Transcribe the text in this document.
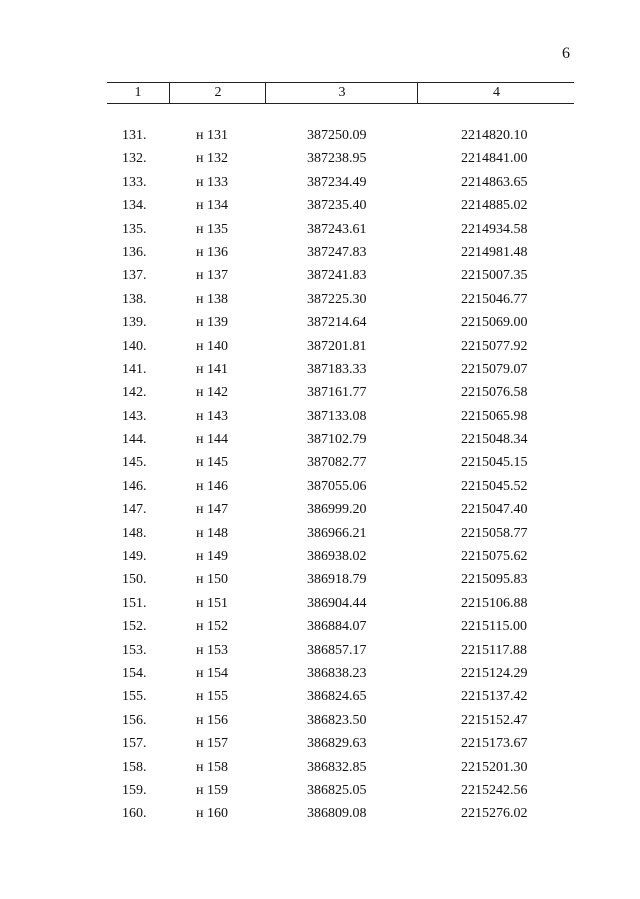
6
1	2	3	4
131.	н 131	387250.09	2214820.10
132.	н 132	387238.95	2214841.00
133.	н 133	387234.49	2214863.65
134.	н 134	387235.40	2214885.02
135.	н 135	387243.61	2214934.58
136.	н 136	387247.83	2214981.48
137.	н 137	387241.83	2215007.35
138.	н 138	387225.30	2215046.77
139.	н 139	387214.64	2215069.00
140.	н 140	387201.81	2215077.92
141.	н 141	387183.33	2215079.07
142.	н 142	387161.77	2215076.58
143.	н 143	387133.08	2215065.98
144.	н 144	387102.79	2215048.34
145.	н 145	387082.77	2215045.15
146.	н 146	387055.06	2215045.52
147.	н 147	386999.20	2215047.40
148.	н 148	386966.21	2215058.77
149.	н 149	386938.02	2215075.62
150.	н 150	386918.79	2215095.83
151.	н 151	386904.44	2215106.88
152.	н 152	386884.07	2215115.00
153.	н 153	386857.17	2215117.88
154.	н 154	386838.23	2215124.29
155.	н 155	386824.65	2215137.42
156.	н 156	386823.50	2215152.47
157.	н 157	386829.63	2215173.67
158.	н 158	386832.85	2215201.30
159.	н 159	386825.05	2215242.56
160.	н 160	386809.08	2215276.02
